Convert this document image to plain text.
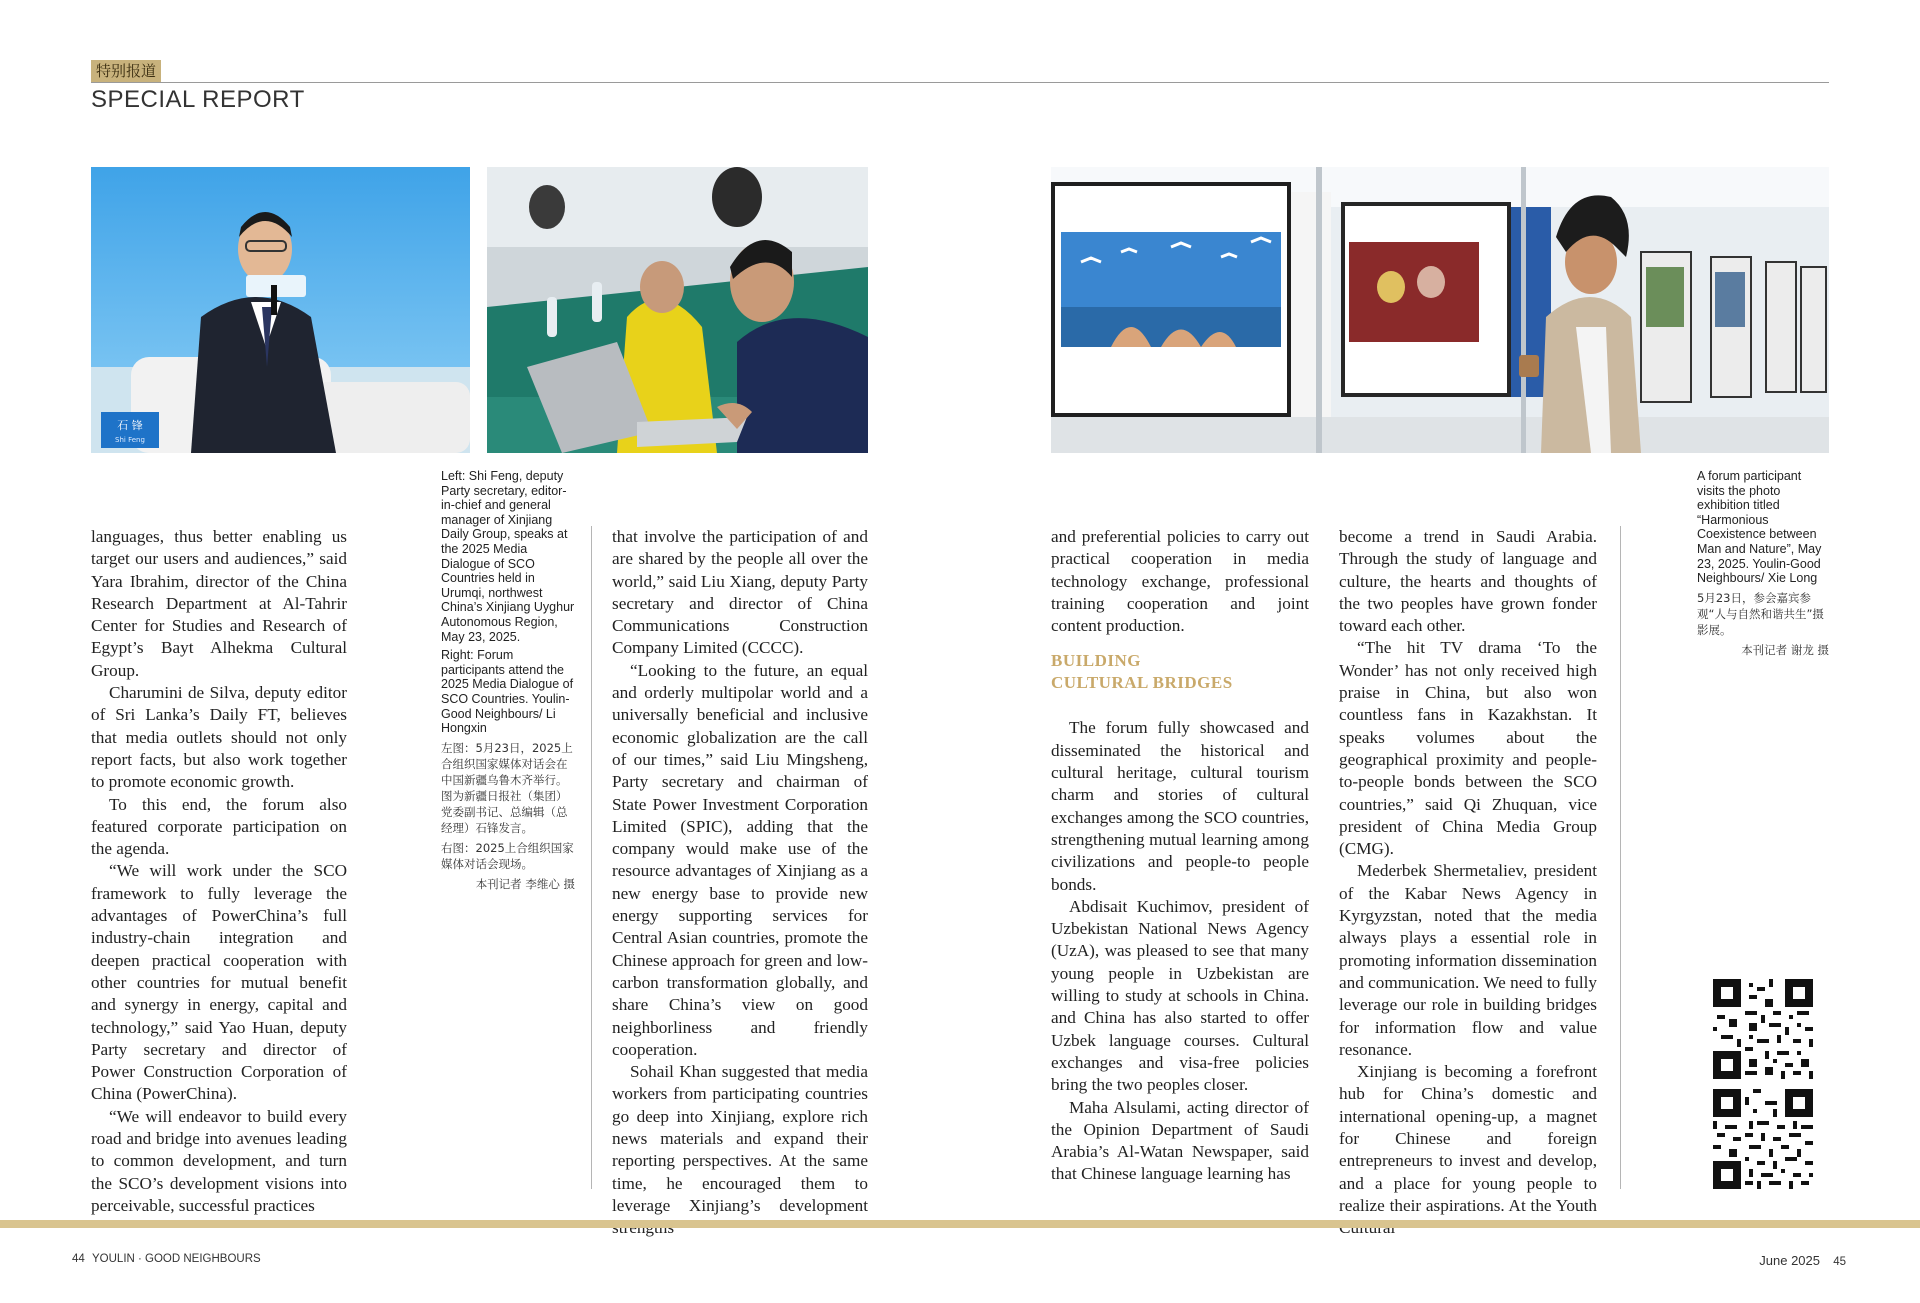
特别报道
SPECIAL REPORT
石 锋
Shi Feng

Left: Shi Feng, deputy Party secretary, editor-in-chief and general manager of Xinjiang Daily Group, speaks at the 2025 Media Dialogue of SCO Countries held in Urumqi, northwest China’s Xinjiang Uyghur Autonomous Region, May 23, 2025.

Right: Forum participants attend the 2025 Media Dialogue of SCO Countries. Youlin-Good Neighbours/ Li Hongxin

左图：5月23日，2025上合组织国家媒体对话会在中国新疆乌鲁木齐举行。图为新疆日报社（集团）党委副书记、总编辑（总经理）石锋发言。
右图：2025上合组织国家媒体对话会现场。
本刊记者 李维心 摄

A forum participant visits the photo exhibition titled “Harmonious Coexistence between Man and Nature”, May 23, 2025. Youlin-Good Neighbours/ Xie Long

5月23日，参会嘉宾参观“人与自然和谐共生”摄影展。
本刊记者 谢龙 摄

languages, thus better enabling us target our users and audiences,” said Yara Ibrahim, director of the China Research Department at Al-Tahrir Center for Studies and Research of Egypt’s Bayt Alhekma Cultural Group.

Charumini de Silva, deputy editor of Sri Lanka’s Daily FT, believes that media outlets should not only report facts, but also work together to promote economic growth.

To this end, the forum also featured corporate participation on the agenda.

“We will work under the SCO framework to fully leverage the advantages of PowerChina’s full industry-chain integration and deepen practical cooperation with other countries for mutual benefit and synergy in energy, capital and technology,” said Yao Huan, deputy Party secretary and director of Power Construction Corporation of China (PowerChina).

“We will endeavor to build every road and bridge into avenues leading to common development, and turn the SCO’s development visions into perceivable, successful practices

that involve the participation of and are shared by the people all over the world,” said Liu Xiang, deputy Party secretary and director of China Communications Construction Company Limited (CCCC).

“Looking to the future, an equal and orderly multipolar world and a universally beneficial and inclusive economic globalization are the call of our times,” said Liu Mingsheng, Party secretary and chairman of State Power Investment Corporation Limited (SPIC), adding that the company would make use of the resource advantages of Xinjiang as a new energy base to provide new energy supporting services for Central Asian countries, promote the Chinese approach for green and low-carbon transformation globally, and share China’s view on good neighborliness and friendly cooperation.

Sohail Khan suggested that media workers from participating countries go deep into Xinjiang, explore rich news materials and expand their reporting perspectives. At the same time, he encouraged them to leverage Xinjiang’s development

and preferential policies to carry out practical cooperation in media technology exchange, professional training cooperation and joint content production.

BUILDING CULTURAL BRIDGES

The forum fully showcased and disseminated the historical and cultural heritage, cultural tourism charm and stories of cultural exchanges among the SCO countries, strengthening mutual learning among civilizations and people-to people bonds.

Abdisait Kuchimov, president of Uzbekistan National News Agency (UzA), was pleased to see that many young people in Uzbekistan are willing to study at schools in China. and China has also started to offer Uzbek language courses. Cultural exchanges and visa-free policies bring the two peoples closer.

Maha Alsulami, acting director of the Opinion Department of Saudi Arabia’s Al-Watan Newspaper, said that Chinese language learning has

become a trend in Saudi Arabia. Through the study of language and culture, the hearts and thoughts of the two peoples have grown fonder toward each other.

“The hit TV drama ‘To the Wonder’ has not only received high praise in China, but also won countless fans in Kazakhstan. It speaks volumes about the geographical proximity and people-to-people bonds between the SCO countries,” said Qi Zhuquan, vice president of China Media Group (CMG).

Mederbek Shermetaliev, president of the Kabar News Agency in Kyrgyzstan, noted that the media always plays a essential role in promoting information dissemination and communication. We need to fully leverage our role in building bridges for information flow and value resonance.

Xinjiang is becoming a forefront hub for China’s domestic and international opening-up, a magnet for Chinese and foreign entrepreneurs to invest and develop, and a place for young people to realize their aspirations. At the Youth

44 YOULIN · GOOD NEIGHBOURS	June 2025 45
